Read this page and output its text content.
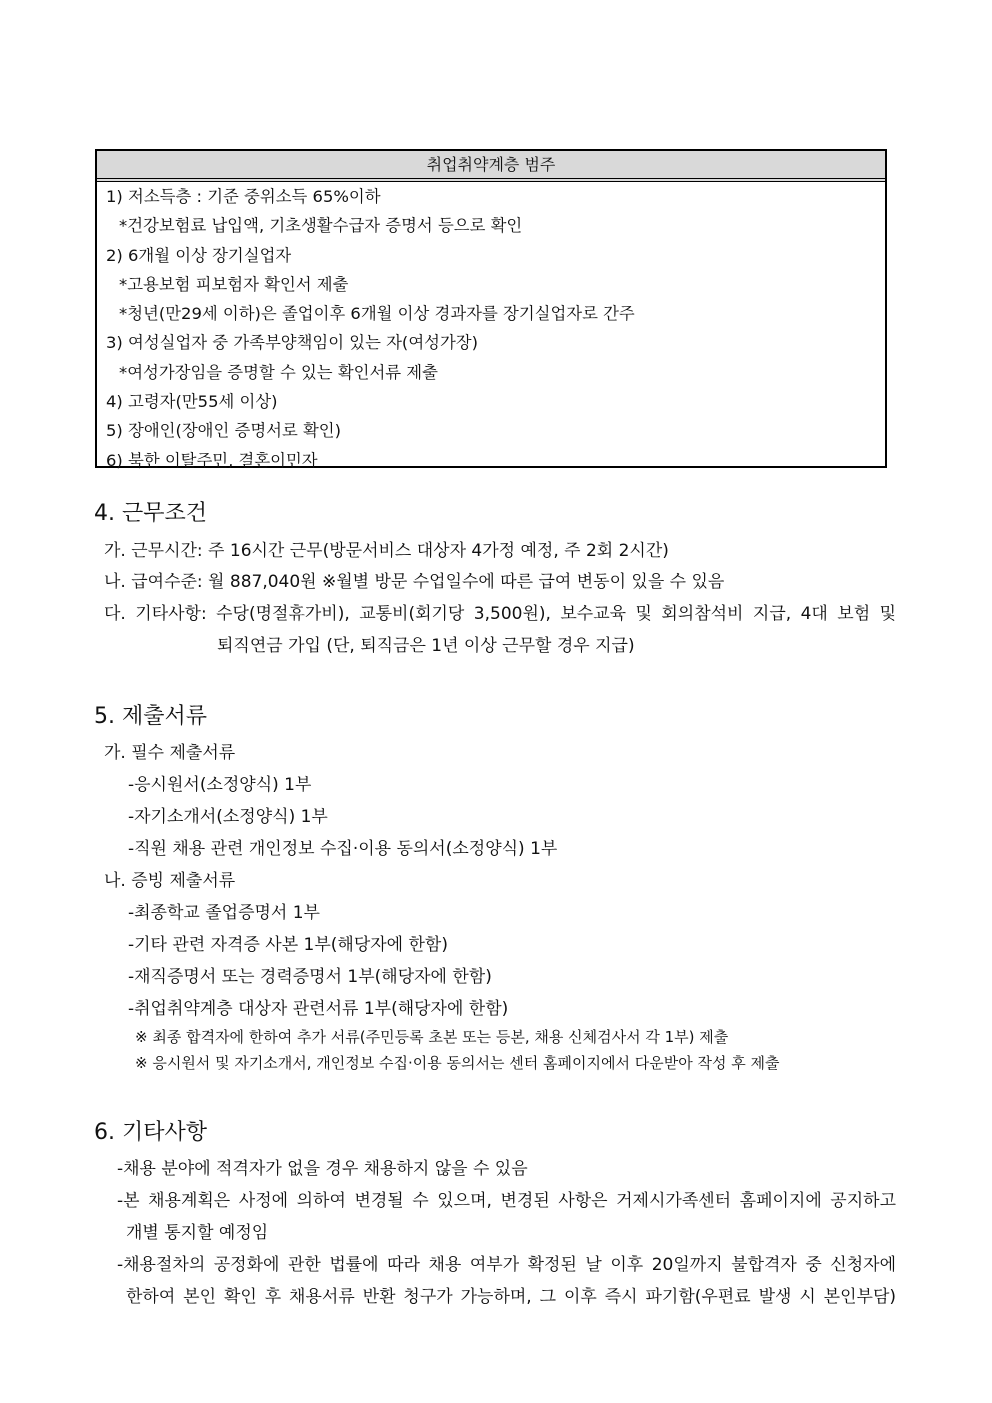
취업취약계층 범주
1) 저소득층 : 기준 중위소득 65%이하
*건강보험료 납입액, 기초생활수급자 증명서 등으로 확인
2) 6개월 이상 장기실업자
*고용보험 피보험자 확인서 제출
*청년(만29세 이하)은 졸업이후 6개월 이상 경과자를 장기실업자로 간주
3) 여성실업자 중 가족부양책임이 있는 자(여성가장)
*여성가장임을 증명할 수 있는 확인서류 제출
4) 고령자(만55세 이상)
5) 장애인(장애인 증명서로 확인)
6) 북한 이탈주민, 결혼이민자
4. 근무조건
가. 근무시간: 주 16시간 근무(방문서비스 대상자 4가정 예정, 주 2회 2시간)
나. 급여수준: 월 887,040원 ※월별 방문 수업일수에 따른 급여 변동이 있을 수 있음
다. 기타사항: 수당(명절휴가비), 교통비(회기당 3,500원), 보수교육 및 회의참석비 지급, 4대 보험 및
퇴직연금 가입 (단, 퇴직금은 1년 이상 근무할 경우 지급)
5. 제출서류
가. 필수 제출서류
-응시원서(소정양식) 1부
-자기소개서(소정양식) 1부
-직원 채용 관련 개인정보 수집·이용 동의서(소정양식) 1부
나. 증빙 제출서류
-최종학교 졸업증명서 1부
-기타 관련 자격증 사본 1부(해당자에 한함)
-재직증명서 또는 경력증명서 1부(해당자에 한함)
-취업취약계층 대상자 관련서류 1부(해당자에 한함)
※ 최종 합격자에 한하여 추가 서류(주민등록 초본 또는 등본, 채용 신체검사서 각 1부) 제출
※ 응시원서 및 자기소개서, 개인정보 수집·이용 동의서는 센터 홈페이지에서 다운받아 작성 후 제출
6. 기타사항
-채용 분야에 적격자가 없을 경우 채용하지 않을 수 있음
-본 채용계획은 사정에 의하여 변경될 수 있으며, 변경된 사항은 거제시가족센터 홈페이지에 공지하고
개별 통지할 예정임
-채용절차의 공정화에 관한 법률에 따라 채용 여부가 확정된 날 이후 20일까지 불합격자 중 신청자에
한하여 본인 확인 후 채용서류 반환 청구가 가능하며, 그 이후 즉시 파기함(우편료 발생 시 본인부담)
